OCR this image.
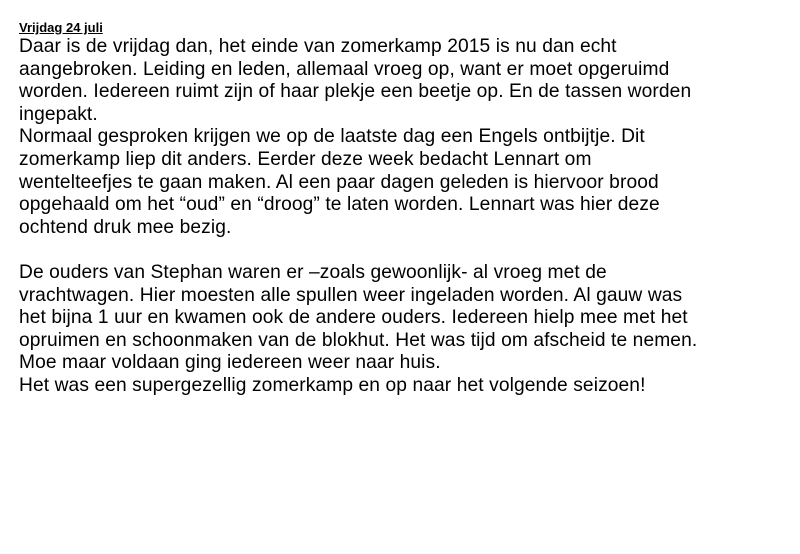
Vrijdag 24 juli
Daar is de vrijdag dan, het einde van zomerkamp 2015 is nu dan echt
aangebroken. Leiding en leden, allemaal vroeg op, want er moet opgeruimd
worden. Iedereen ruimt zijn of haar plekje een beetje op. En de tassen worden
ingepakt.
Normaal gesproken krijgen we op de laatste dag een Engels ontbijtje. Dit
zomerkamp liep dit anders. Eerder deze week bedacht Lennart om
wentelteefjes te gaan maken. Al een paar dagen geleden is hiervoor brood
opgehaald om het “oud” en “droog” te laten worden. Lennart was hier deze
ochtend druk mee bezig.
De ouders van Stephan waren er –zoals gewoonlijk- al vroeg met de
vrachtwagen. Hier moesten alle spullen weer ingeladen worden. Al gauw was
het bijna 1 uur en kwamen ook de andere ouders. Iedereen hielp mee met het
opruimen en schoonmaken van de blokhut. Het was tijd om afscheid te nemen.
Moe maar voldaan ging iedereen weer naar huis.
Het was een supergezellig zomerkamp en op naar het volgende seizoen!
